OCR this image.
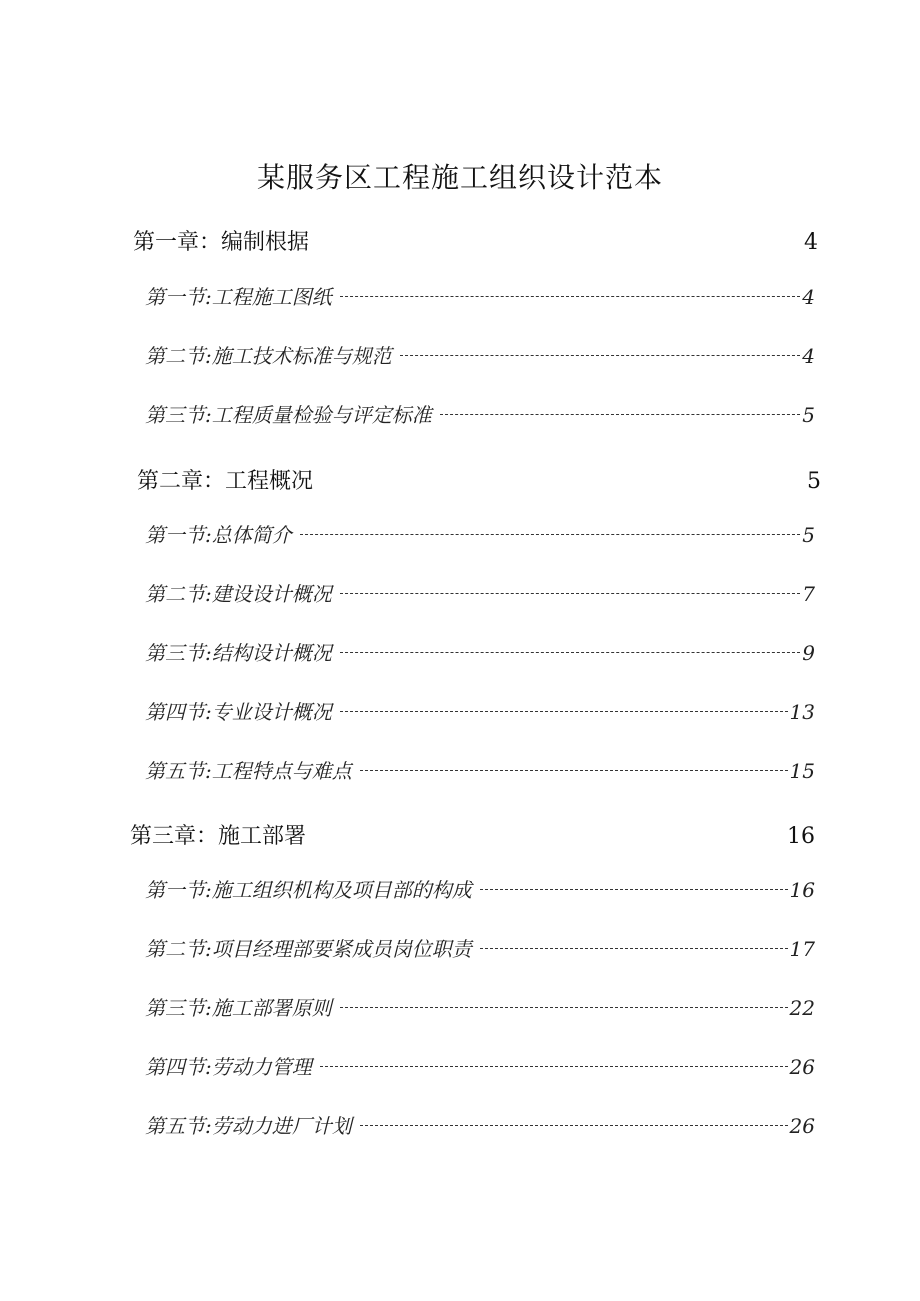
某服务区工程施工组织设计范本
第一章：编制根据	4
第一节:工程施工图纸	4
第二节:施工技术标准与规范	4
第三节:工程质量检验与评定标准	5
第二章：工程概况	5
第一节:总体简介	5
第二节:建设设计概况	7
第三节:结构设计概况	9
第四节:专业设计概况	13
第五节:工程特点与难点	15
第三章：施工部署	16
第一节:施工组织机构及项目部的构成	16
第二节:项目经理部要紧成员岗位职责	17
第三节:施工部署原则	22
第四节:劳动力管理	26
第五节:劳动力进厂计划	26
